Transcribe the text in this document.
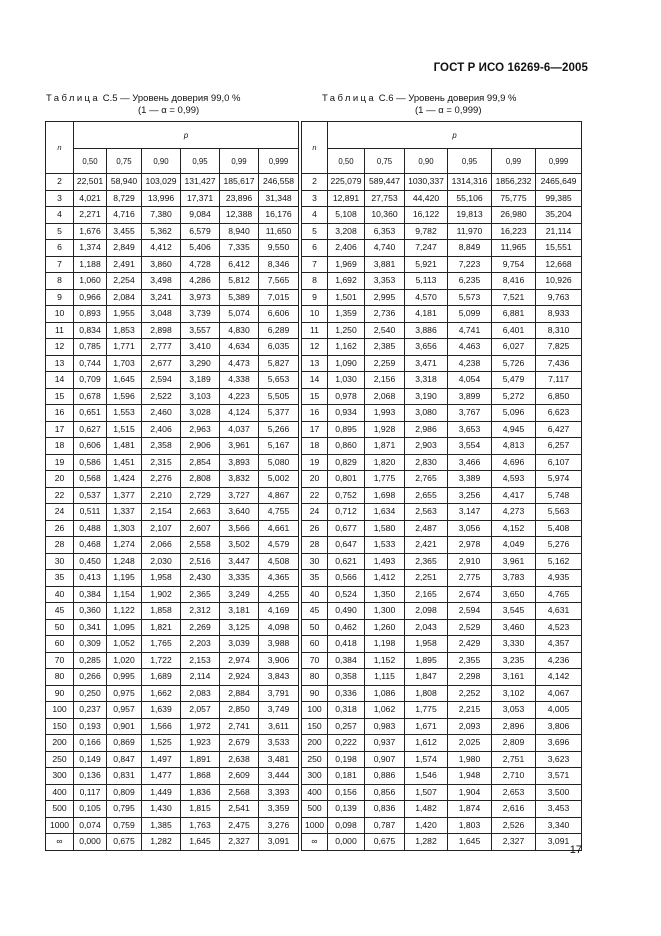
ГОСТ Р ИСО 16269-6—2005
Таблица С.5 — Уровень доверия 99,0 %
(1 — α = 0,99)
Таблица С.6 — Уровень доверия 99,9 %
(1 — α = 0,999)
n	p					
	0,50	0,75	0,90	0,95	0,99	0,999
2	22,501	58,940	103,029	131,427	185,617	246,558
3	4,021	8,729	13,996	17,371	23,896	31,348
4	2,271	4,716	7,380	9,084	12,388	16,176
5	1,676	3,455	5,362	6,579	8,940	11,650
6	1,374	2,849	4,412	5,406	7,335	9,550
7	1,188	2,491	3,860	4,728	6,412	8,346
8	1,060	2,254	3,498	4,286	5,812	7,565
9	0,966	2,084	3,241	3,973	5,389	7,015
10	0,893	1,955	3,048	3,739	5,074	6,606
11	0,834	1,853	2,898	3,557	4,830	6,289
12	0,785	1,771	2,777	3,410	4,634	6,035
13	0,744	1,703	2,677	3,290	4,473	5,827
14	0,709	1,645	2,594	3,189	4,338	5,653
15	0,678	1,596	2,522	3,103	4,223	5,505
16	0,651	1,553	2,460	3,028	4,124	5,377
17	0,627	1,515	2,406	2,963	4,037	5,266
18	0,606	1,481	2,358	2,906	3,961	5,167
19	0,586	1,451	2,315	2,854	3,893	5,080
20	0,568	1,424	2,276	2,808	3,832	5,002
22	0,537	1,377	2,210	2,729	3,727	4,867
24	0,511	1,337	2,154	2,663	3,640	4,755
26	0,488	1,303	2,107	2,607	3,566	4,661
28	0,468	1,274	2,066	2,558	3,502	4,579
30	0,450	1,248	2,030	2,516	3,447	4,508
35	0,413	1,195	1,958	2,430	3,335	4,365
40	0,384	1,154	1,902	2,365	3,249	4,255
45	0,360	1,122	1,858	2,312	3,181	4,169
50	0,341	1,095	1,821	2,269	3,125	4,098
60	0,309	1,052	1,765	2,203	3,039	3,988
70	0,285	1,020	1,722	2,153	2,974	3,906
80	0,266	0,995	1,689	2,114	2,924	3,843
90	0,250	0,975	1,662	2,083	2,884	3,791
100	0,237	0,957	1,639	2,057	2,850	3,749
150	0,193	0,901	1,566	1,972	2,741	3,611
200	0,166	0,869	1,525	1,923	2,679	3,533
250	0,149	0,847	1,497	1,891	2,638	3,481
300	0,136	0,831	1,477	1,868	2,609	3,444
400	0,117	0,809	1,449	1,836	2,568	3,393
500	0,105	0,795	1,430	1,815	2,541	3,359
1000	0,074	0,759	1,385	1,763	2,475	3,276
∞	0,000	0,675	1,282	1,645	2,327	3,091
n	p					
	0,50	0,75	0,90	0,95	0,99	0,999
2	225,079	589,447	1030,337	1314,316	1856,232	2465,649
3	12,891	27,753	44,420	55,106	75,775	99,385
4	5,108	10,360	16,122	19,813	26,980	35,204
5	3,208	6,353	9,782	11,970	16,223	21,114
6	2,406	4,740	7,247	8,849	11,965	15,551
7	1,969	3,881	5,921	7,223	9,754	12,668
8	1,692	3,353	5,113	6,235	8,416	10,926
9	1,501	2,995	4,570	5,573	7,521	9,763
10	1,359	2,736	4,181	5,099	6,881	8,933
11	1,250	2,540	3,886	4,741	6,401	8,310
12	1,162	2,385	3,656	4,463	6,027	7,825
13	1,090	2,259	3,471	4,238	5,726	7,436
14	1,030	2,156	3,318	4,054	5,479	7,117
15	0,978	2,068	3,190	3,899	5,272	6,850
16	0,934	1,993	3,080	3,767	5,096	6,623
17	0,895	1,928	2,986	3,653	4,945	6,427
18	0,860	1,871	2,903	3,554	4,813	6,257
19	0,829	1,820	2,830	3,466	4,696	6,107
20	0,801	1,775	2,765	3,389	4,593	5,974
22	0,752	1,698	2,655	3,256	4,417	5,748
24	0,712	1,634	2,563	3,147	4,273	5,563
26	0,677	1,580	2,487	3,056	4,152	5,408
28	0,647	1,533	2,421	2,978	4,049	5,276
30	0,621	1,493	2,365	2,910	3,961	5,162
35	0,566	1,412	2,251	2,775	3,783	4,935
40	0,524	1,350	2,165	2,674	3,650	4,765
45	0,490	1,300	2,098	2,594	3,545	4,631
50	0,462	1,260	2,043	2,529	3,460	4,523
60	0,418	1,198	1,958	2,429	3,330	4,357
70	0,384	1,152	1,895	2,355	3,235	4,236
80	0,358	1,115	1,847	2,298	3,161	4,142
90	0,336	1,086	1,808	2,252	3,102	4,067
100	0,318	1,062	1,775	2,215	3,053	4,005
150	0,257	0,983	1,671	2,093	2,896	3,806
200	0,222	0,937	1,612	2,025	2,809	3,696
250	0,198	0,907	1,574	1,980	2,751	3,623
300	0,181	0,886	1,546	1,948	2,710	3,571
400	0,156	0,856	1,507	1,904	2,653	3,500
500	0,139	0,836	1,482	1,874	2,616	3,453
1000	0,098	0,787	1,420	1,803	2,526	3,340
∞	0,000	0,675	1,282	1,645	2,327	3,091
17
